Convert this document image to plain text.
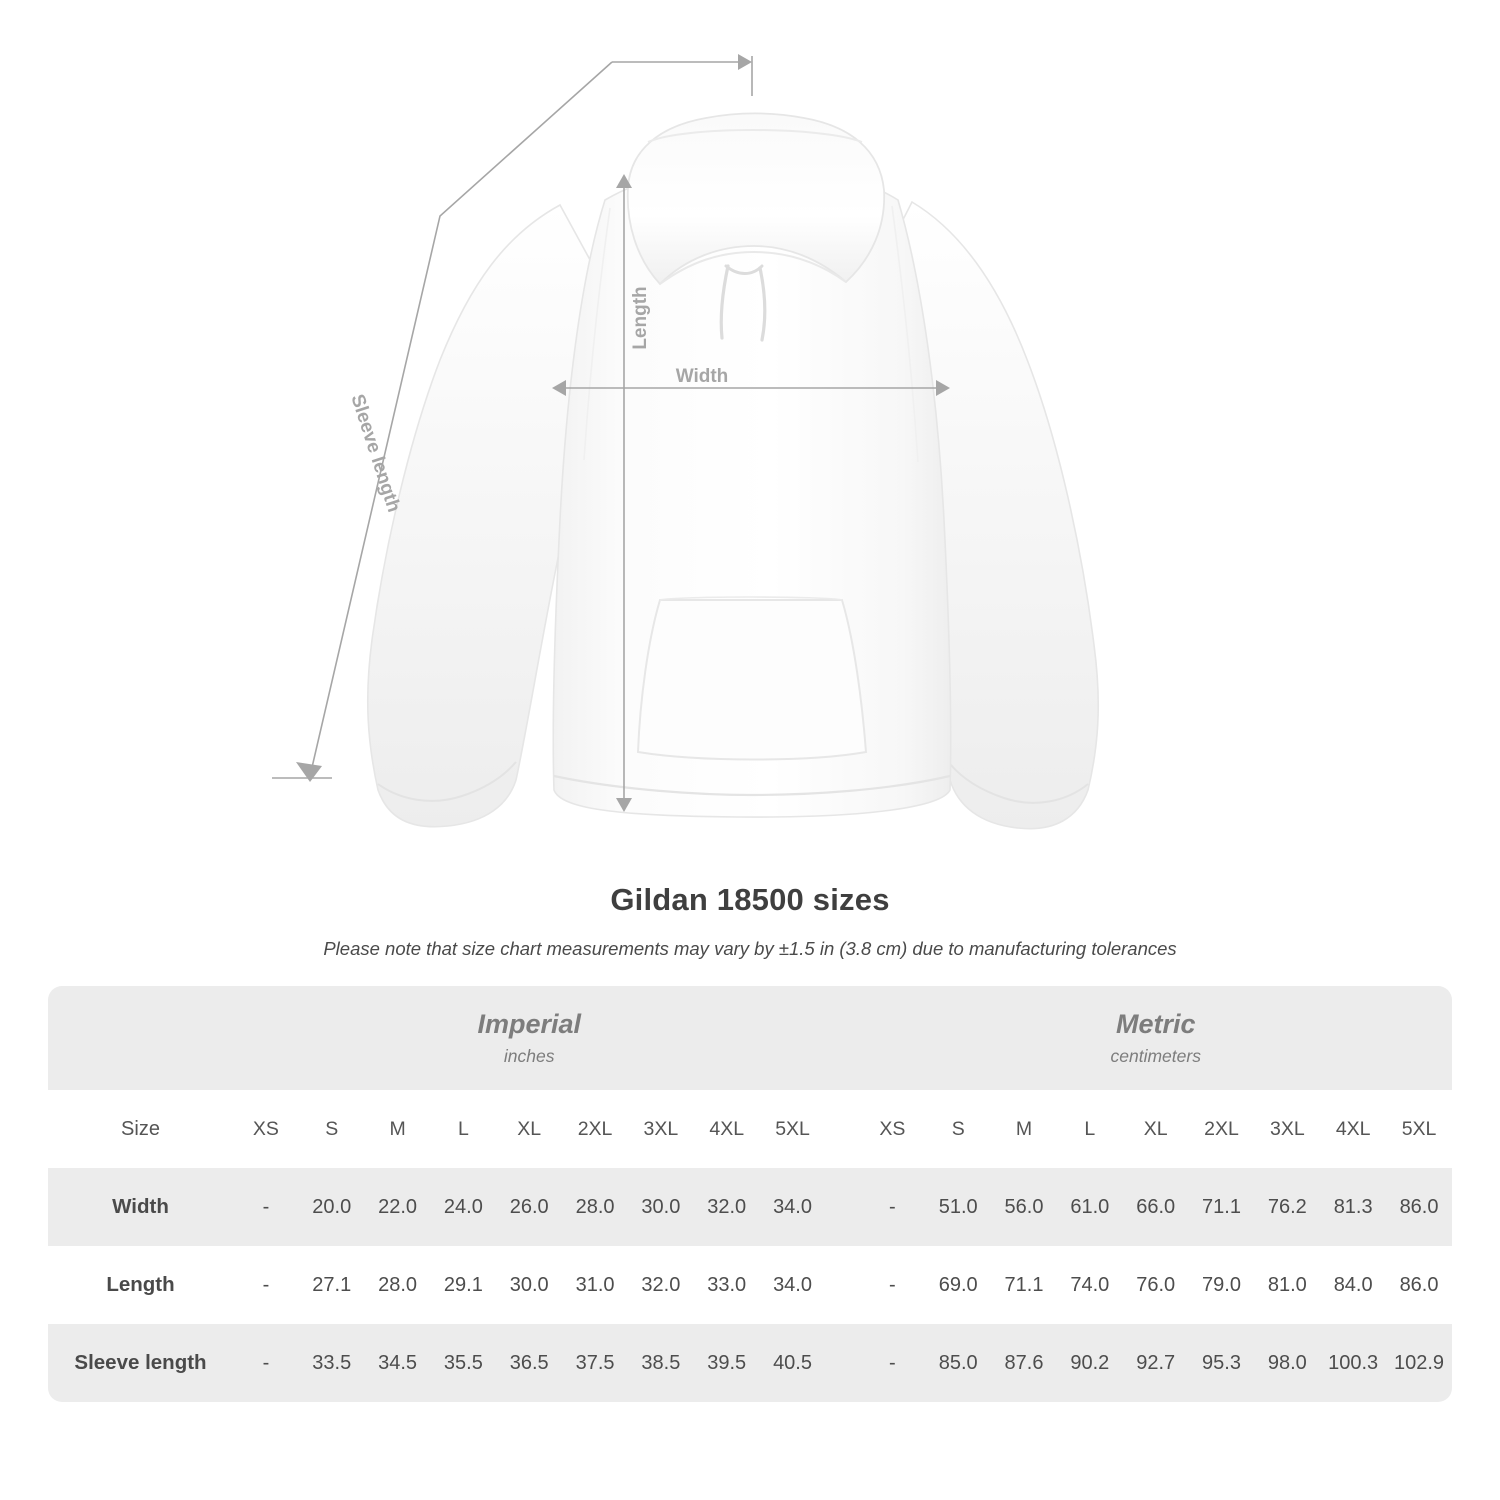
Length
Width
Sleeve length
Gildan 18500 sizes
Please note that size chart measurements may vary by ±1.5 in (3.8 cm) due to manufacturing tolerances

Imperial
inches

Metric
centimeters

Size	XS	S	M	L	XL	2XL	3XL	4XL	5XL		XS	S	M	L	XL	2XL	3XL	4XL	5XL
Width	-	20.0	22.0	24.0	26.0	28.0	30.0	32.0	34.0		-	51.0	56.0	61.0	66.0	71.1	76.2	81.3	86.0
Length	-	27.1	28.0	29.1	30.0	31.0	32.0	33.0	34.0		-	69.0	71.1	74.0	76.0	79.0	81.0	84.0	86.0
Sleeve length	-	33.5	34.5	35.5	36.5	37.5	38.5	39.5	40.5		-	85.0	87.6	90.2	92.7	95.3	98.0	100.3	102.9
